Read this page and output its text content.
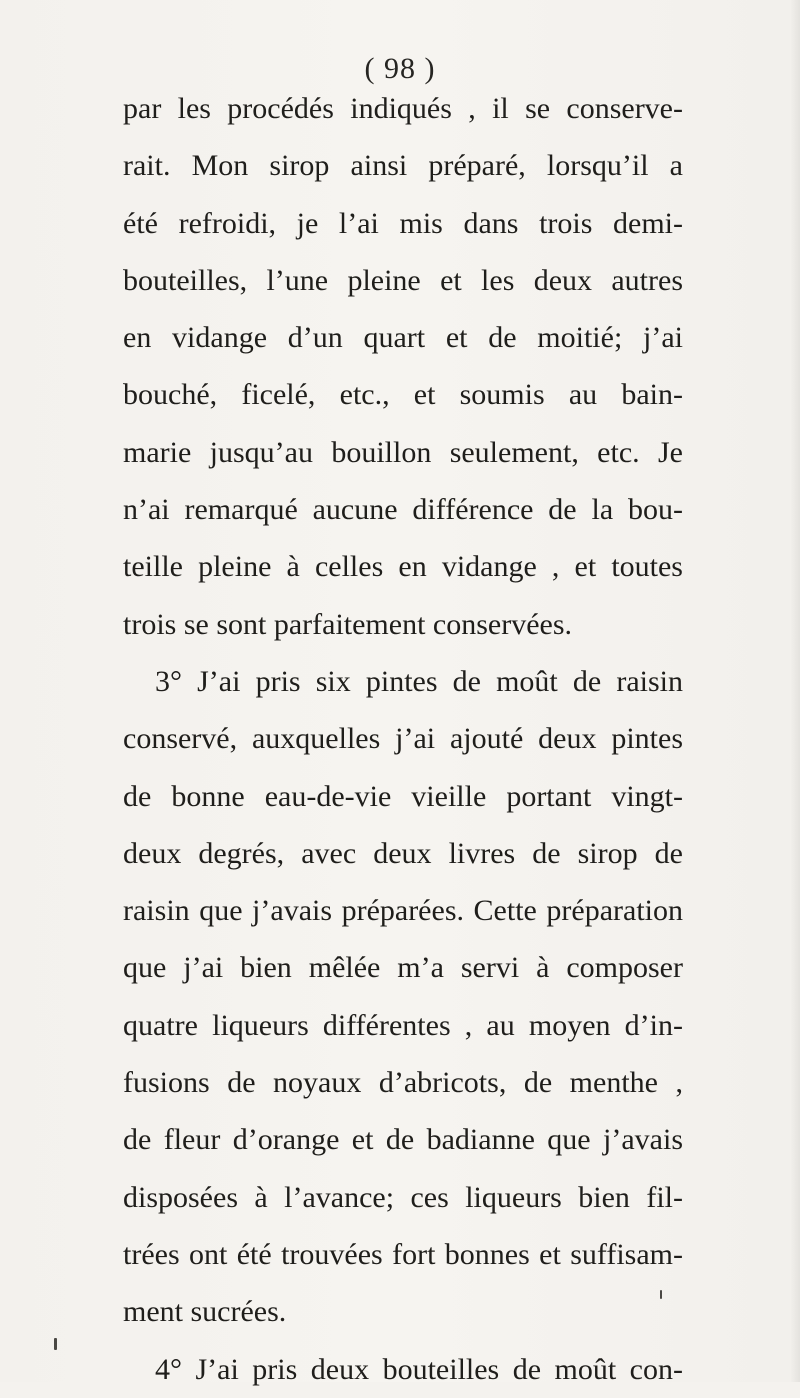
( 98 )
par les procédés indiqués , il se conserve-
rait. Mon sirop ainsi préparé, lorsqu’il a
été refroidi, je l’ai mis dans trois demi-
bouteilles, l’une pleine et les deux autres
en vidange d’un quart et de moitié; j’ai
bouché, ficelé, etc., et soumis au bain-
marie jusqu’au bouillon seulement, etc. Je
n’ai remarqué aucune différence de la bou-
teille pleine à celles en vidange , et toutes
trois se sont parfaitement conservées.
3° J’ai pris six pintes de moût de raisin
conservé, auxquelles j’ai ajouté deux pintes
de bonne eau-de-vie vieille portant vingt-
deux degrés, avec deux livres de sirop de
raisin que j’avais préparées. Cette préparation
que j’ai bien mêlée m’a servi à composer
quatre liqueurs différentes , au moyen d’in-
fusions de noyaux d’abricots, de menthe ,
de fleur d’orange et de badianne que j’avais
disposées à l’avance; ces liqueurs bien fil-
trées ont été trouvées fort bonnes et suffisam-
ment sucrées.
4° J’ai pris deux bouteilles de moût con-
